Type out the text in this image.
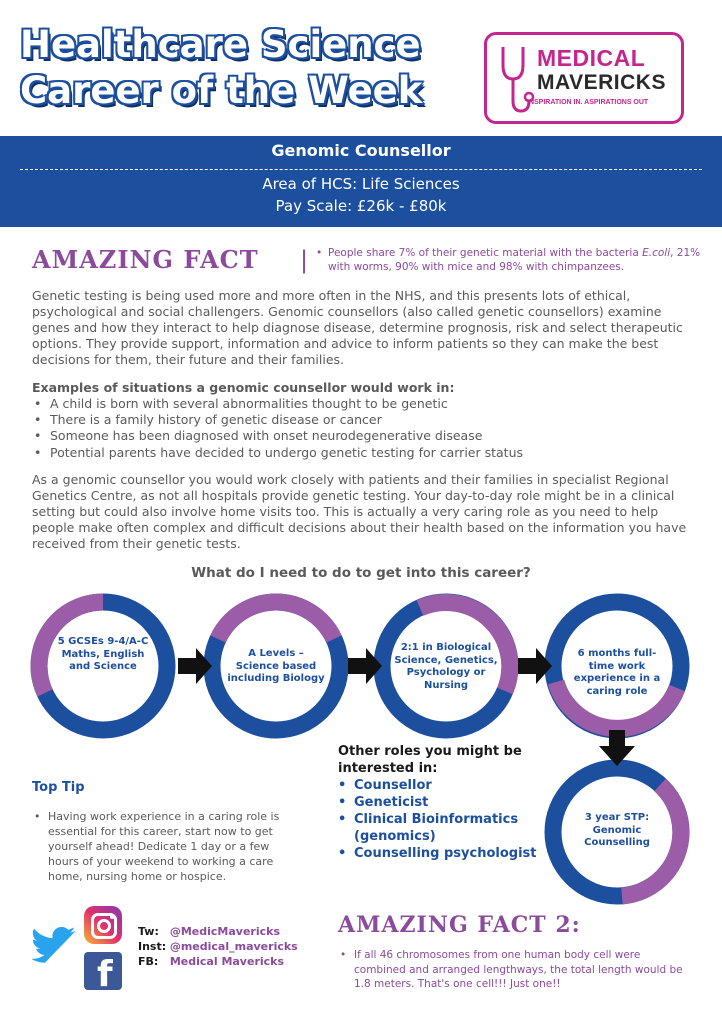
Healthcare Science
Career of the Week
MEDICAL
MAVERICKS
INSPIRATION IN. ASPIRATIONS OUT
Genomic Counsellor
Area of HCS: Life Sciences
Pay Scale: £26k - £80k
AMAZING FACT | • People share 7% of their genetic material with the bacteria E.coli, 21% with worms, 90% with mice and 98% with chimpanzees.
Genetic testing is being used more and more often in the NHS, and this presents lots of ethical, psychological and social challengers. Genomic counsellors (also called genetic counsellors) examine genes and how they interact to help diagnose disease, determine prognosis, risk and select therapeutic options. They provide support, information and advice to inform patients so they can make the best decisions for them, their future and their families.
Examples of situations a genomic counsellor would work in:
• A child is born with several abnormalities thought to be genetic
• There is a family history of genetic disease or cancer
• Someone has been diagnosed with onset neurodegenerative disease
• Potential parents have decided to undergo genetic testing for carrier status
As a genomic counsellor you would work closely with patients and their families in specialist Regional Genetics Centre, as not all hospitals provide genetic testing. Your day-to-day role might be in a clinical setting but could also involve home visits too. This is actually a very caring role as you need to help people make often complex and difficult decisions about their health based on the information you have received from their genetic tests.
What do I need to do to get into this career?
5 GCSEs 9-4/A-C Maths, English and Science
A Levels – Science based including Biology
2:1 in Biological Science, Genetics, Psychology or Nursing
6 months full-time work experience in a caring role
3 year STP: Genomic Counselling
Other roles you might be interested in:
• Counsellor
• Geneticist
• Clinical Bioinformatics (genomics)
• Counselling psychologist
Top Tip
• Having work experience in a caring role is essential for this career, start now to get yourself ahead! Dedicate 1 day or a few hours of your weekend to working a care home, nursing home or hospice.
f
Tw: @MedicMavericks
Inst: @medical_mavericks
FB: Medical Mavericks
AMAZING FACT 2:
• If all 46 chromosomes from one human body cell were combined and arranged lengthways, the total length would be 1.8 meters. That's one cell!!! Just one!!
